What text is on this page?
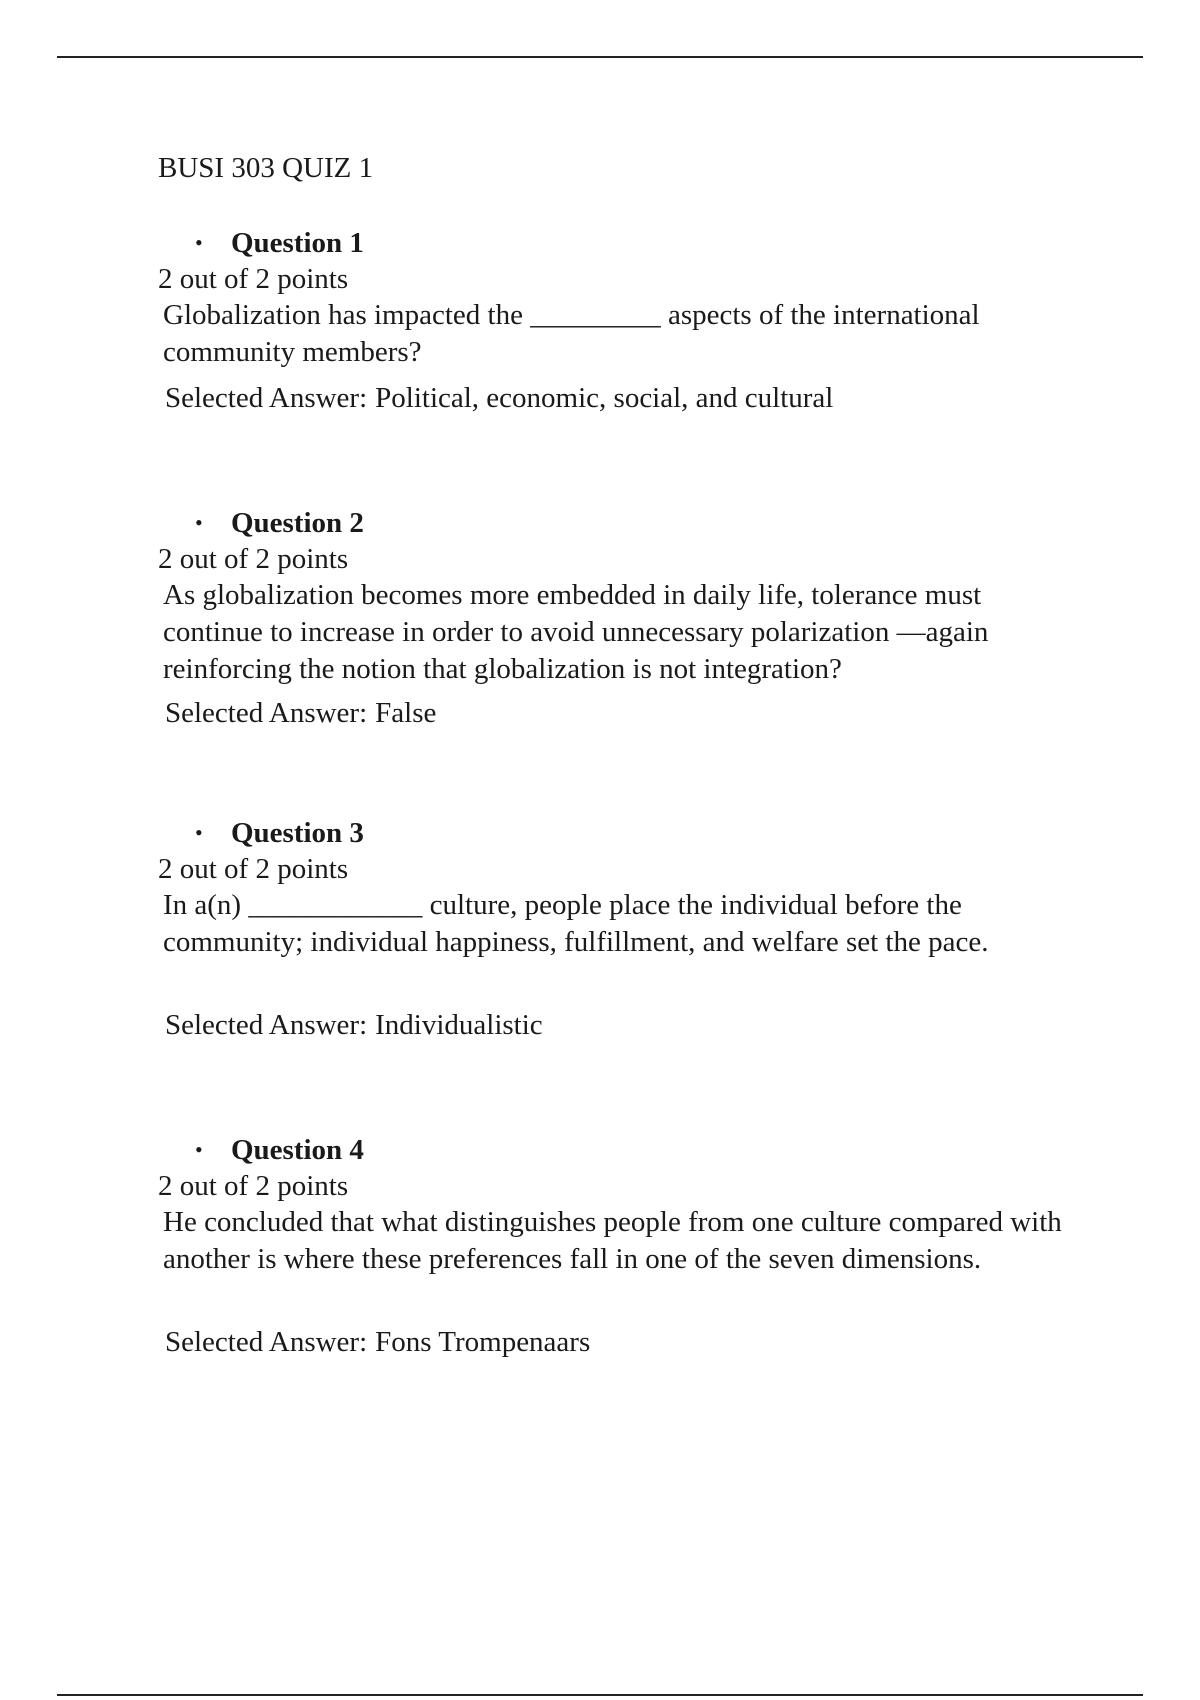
BUSI 303 QUIZ 1
• Question 1
2 out of 2 points

Globalization has impacted the _________ aspects of the international community members?

Selected Answer: Political, economic, social, and cultural
• Question 2
2 out of 2 points

As globalization becomes more embedded in daily life, tolerance must continue to increase in order to avoid unnecessary polarization —again reinforcing the notion that globalization is not integration?

Selected Answer: False
• Question 3
2 out of 2 points

In a(n) ____________ culture, people place the individual before the community; individual happiness, fulfillment, and welfare set the pace.

Selected Answer: Individualistic
• Question 4
2 out of 2 points

He concluded that what distinguishes people from one culture compared with another is where these preferences fall in one of the seven dimensions.

Selected Answer: Fons Trompenaars
